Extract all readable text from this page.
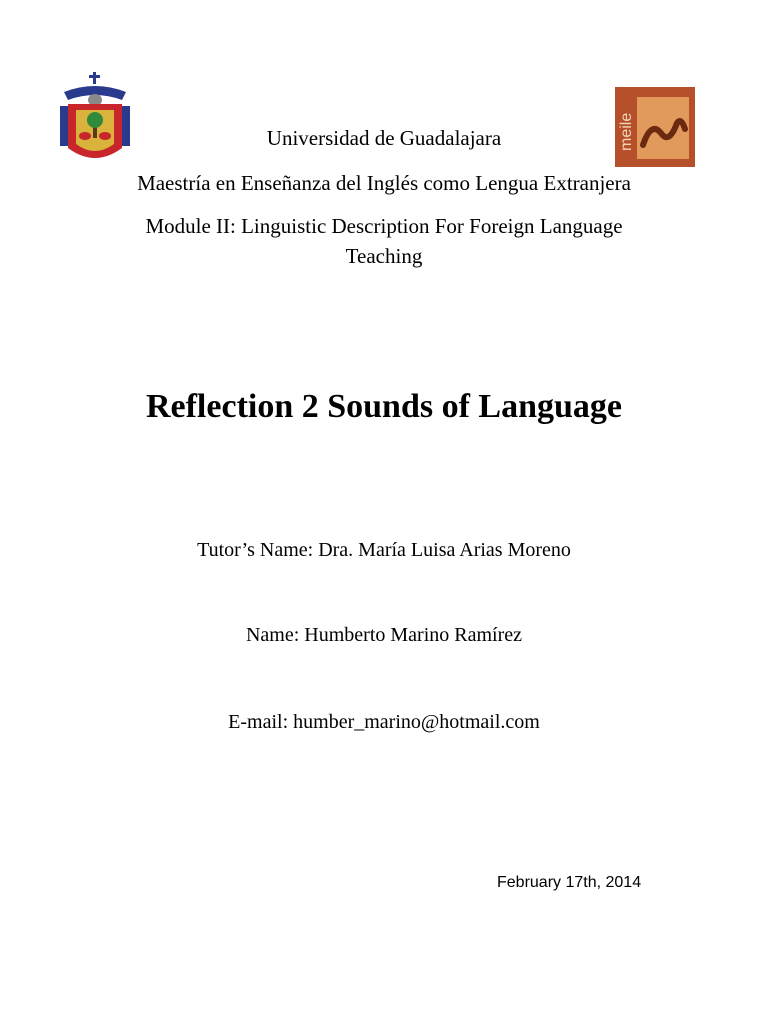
meile
Universidad de Guadalajara
Maestría en Enseñanza del Inglés como Lengua Extranjera
Module II: Linguistic Description For Foreign Language Teaching
Reflection 2 Sounds of Language
Tutor’s Name: Dra. María Luisa Arias Moreno
Name: Humberto Marino Ramírez
E-mail: humber_marino@hotmail.com
February 17th, 2014
